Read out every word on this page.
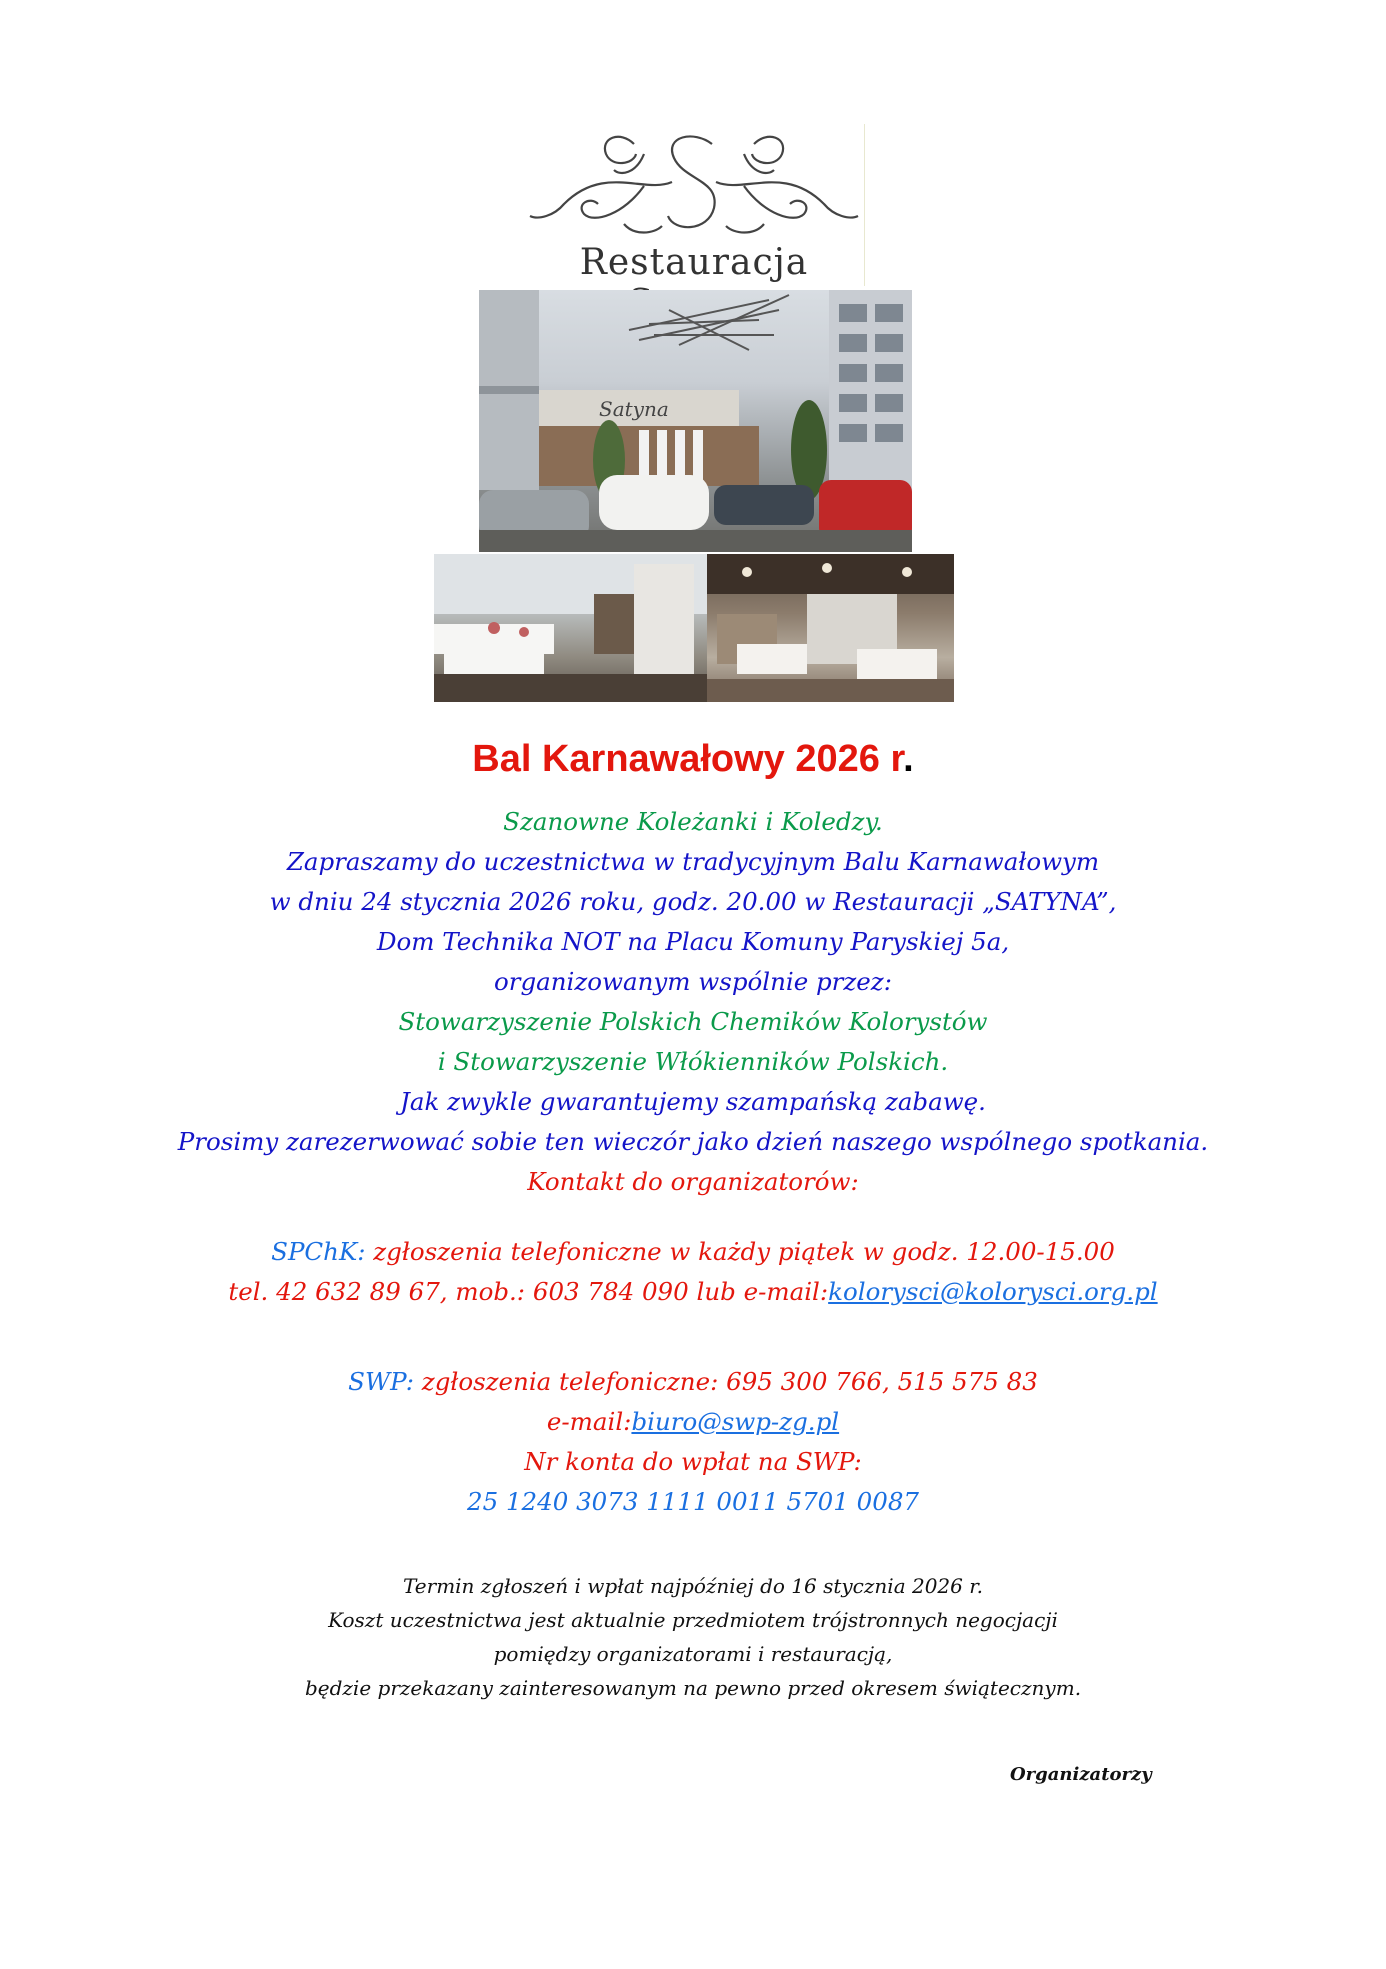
Restauracja
Satyna
Bal Karnawałowy 2026 r.
Szanowne Koleżanki i Koledzy.
Zapraszamy do uczestnictwa w tradycyjnym Balu Karnawałowym
w dniu 24 stycznia 2026 roku, godz. 20.00 w Restauracji „SATYNA”,
Dom Technika NOT na Placu Komuny Paryskiej 5a,
organizowanym wspólnie przez:
Stowarzyszenie Polskich Chemików Kolorystów
i Stowarzyszenie Włókienników Polskich.
Jak zwykle gwarantujemy szampańską zabawę.
Prosimy zarezerwować sobie ten wieczór jako dzień naszego wspólnego spotkania.
Kontakt do organizatorów:
SPChK: zgłoszenia telefoniczne w każdy piątek w godz. 12.00-15.00
tel. 42 632 89 67, mob.: 603 784 090 lub e-mail:kolorysci@kolorysci.org.pl
SWP: zgłoszenia telefoniczne: 695 300 766, 515 575 83
e-mail:biuro@swp-zg.pl
Nr konta do wpłat na SWP:
25 1240 3073 1111 0011 5701 0087
Termin zgłoszeń i wpłat najpóźniej do 16 stycznia 2026 r.
Koszt uczestnictwa jest aktualnie przedmiotem trójstronnych negocjacji
pomiędzy organizatorami i restauracją,
będzie przekazany zainteresowanym na pewno przed okresem świątecznym.
Organizatorzy
